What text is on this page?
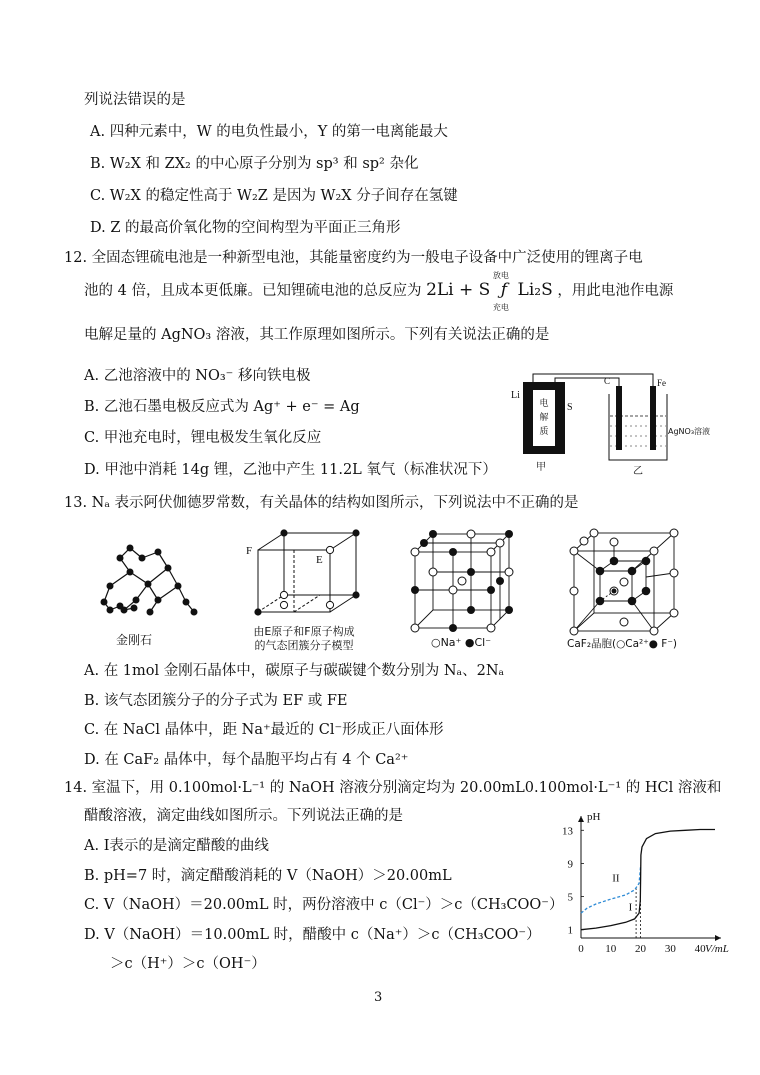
列说法错误的是
A. 四种元素中，W 的电负性最小，Y 的第一电离能最大
B. W₂X 和 ZX₂ 的中心原子分别为 sp³ 和 sp² 杂化
C. W₂X 的稳定性高于 W₂Z 是因为 W₂X 分子间存在氢键
D. Z 的最高价氧化物的空间构型为平面正三角形
12. 全固态锂硫电池是一种新型电池，其能量密度约为一般电子设备中广泛使用的锂离子电
池的 4 倍，且成本更低廉。已知锂硫电池的总反应为 2Li + S
放电
ƒ
充电
Li₂S ，用此电池作电源
电解足量的 AgNO₃ 溶液，其工作原理如图所示。下列有关说法正确的是
A. 乙池溶液中的 NO₃⁻ 移向铁电极
B. 乙池石墨电极反应式为 Ag⁺ + e⁻ = Ag
C. 甲池充电时，锂电极发生氧化反应
D. 甲池中消耗 14g 锂，乙池中产生 11.2L 氧气（标准状况下）
电
解
质
Li
S
甲
C	Fe
AgNO₃溶液
乙
13. Nₐ 表示阿伏伽德罗常数，有关晶体的结构如图所示，下列说法中不正确的是
金刚石
F
E
由E原子和F原子构成
的气态团簇分子模型	○Na⁺ ●Cl⁻	CaF₂晶胞(○Ca²⁺● F⁻)
A. 在 1mol 金刚石晶体中，碳原子与碳碳键个数分别为 Nₐ、2Nₐ
B. 该气态团簇分子的分子式为 EF 或 FE
C. 在 NaCl 晶体中，距 Na⁺最近的 Cl⁻形成正八面体形
D. 在 CaF₂ 晶体中，每个晶胞平均占有 4 个 Ca²⁺
14. 室温下，用 0.100mol·L⁻¹ 的 NaOH 溶液分别滴定均为 20.00mL0.100mol·L⁻¹ 的 HCl 溶液和
醋酸溶液，滴定曲线如图所示。下列说法正确的是
A. I表示的是滴定醋酸的曲线
B. pH=7 时，滴定醋酸消耗的 V（NaOH）＞20.00mL
C. V（NaOH）＝20.00mL 时，两份溶液中 c（Cl⁻）＞c（CH₃COO⁻）
D. V（NaOH）＝10.00mL 时，醋酸中 c（Na⁺）＞c（CH₃COO⁻）
＞c（H⁺）＞c（OH⁻）
1
5
9
13
0 10 20 30 40
pH
V/mL
I
II
3
